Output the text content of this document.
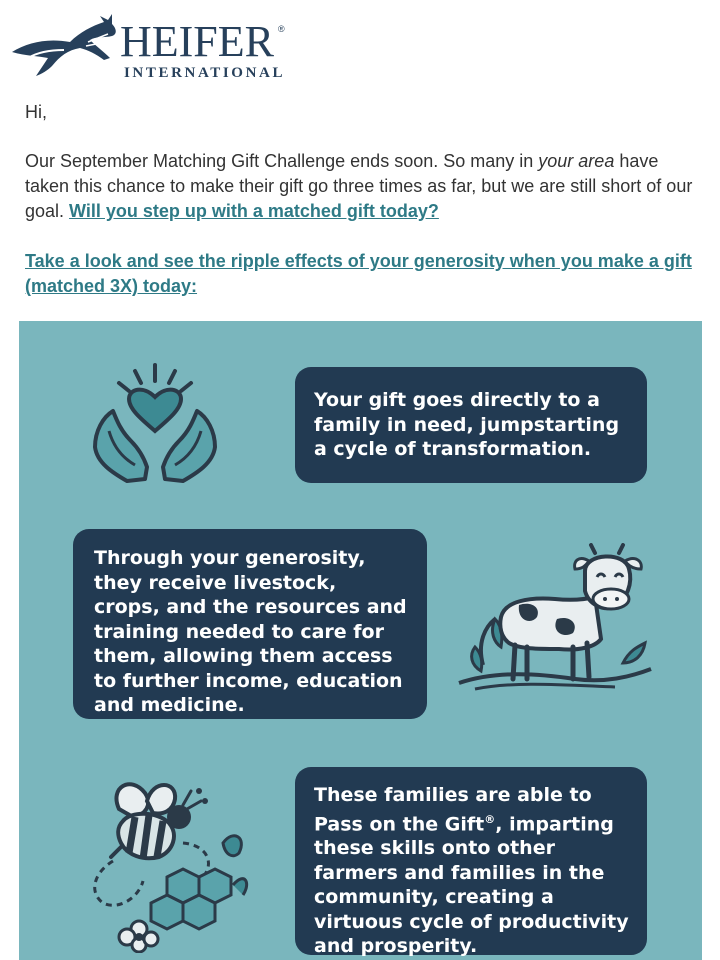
HEIFER ®
INTERNATIONAL

Hi,

Our September Matching Gift Challenge ends soon. So many in your area have taken this chance to make their gift go three times as far, but we are still short of our goal. Will you step up with a matched gift today?

Take a look and see the ripple effects of your generosity when you make a gift (matched 3X) today:

Your gift goes directly to a family in need, jumpstarting a cycle of transformation.
Through your generosity, they receive livestock, crops, and the resources and training needed to care for them, allowing them access to further income, education and medicine.
These families are able to Pass on the Gift®, imparting these skills onto other farmers and families in the community, creating a virtuous cycle of productivity and prosperity.
